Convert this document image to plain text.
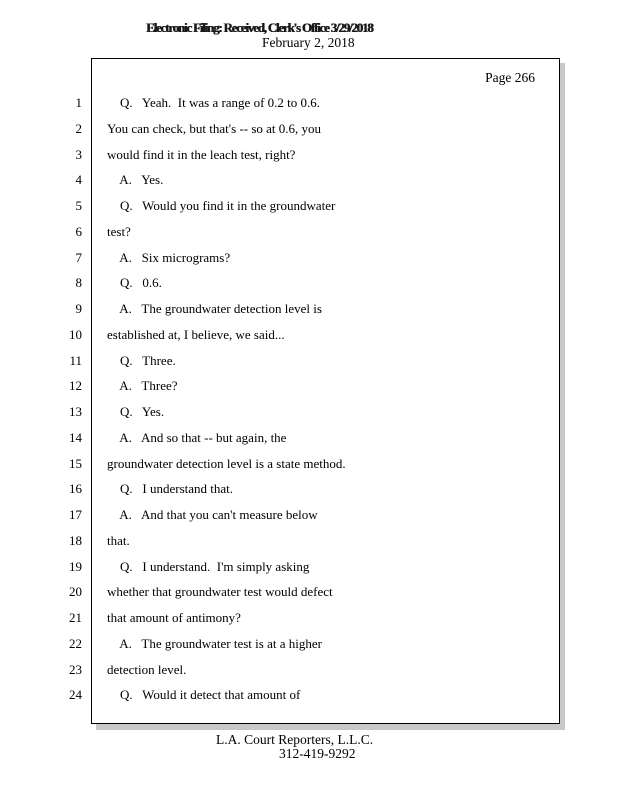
Electronic Filing: Received, Clerk's Office 3/29/2018
February 2, 2018
Page 266
1 Q.   Yeah.  It was a range of 0.2 to 0.6.
2 You can check, but that's -- so at 0.6, you
3 would find it in the leach test, right?
4 A.   Yes.
5 Q.   Would you find it in the groundwater
6 test?
7 A.   Six micrograms?
8 Q.   0.6.
9 A.   The groundwater detection level is
10 established at, I believe, we said...
11 Q.   Three.
12 A.   Three?
13 Q.   Yes.
14 A.   And so that -- but again, the
15 groundwater detection level is a state method.
16 Q.   I understand that.
17 A.   And that you can't measure below
18 that.
19 Q.   I understand.  I'm simply asking
20 whether that groundwater test would defect
21 that amount of antimony?
22 A.   The groundwater test is at a higher
23 detection level.
24 Q.   Would it detect that amount of
L.A. Court Reporters, L.L.C.
312-419-9292
